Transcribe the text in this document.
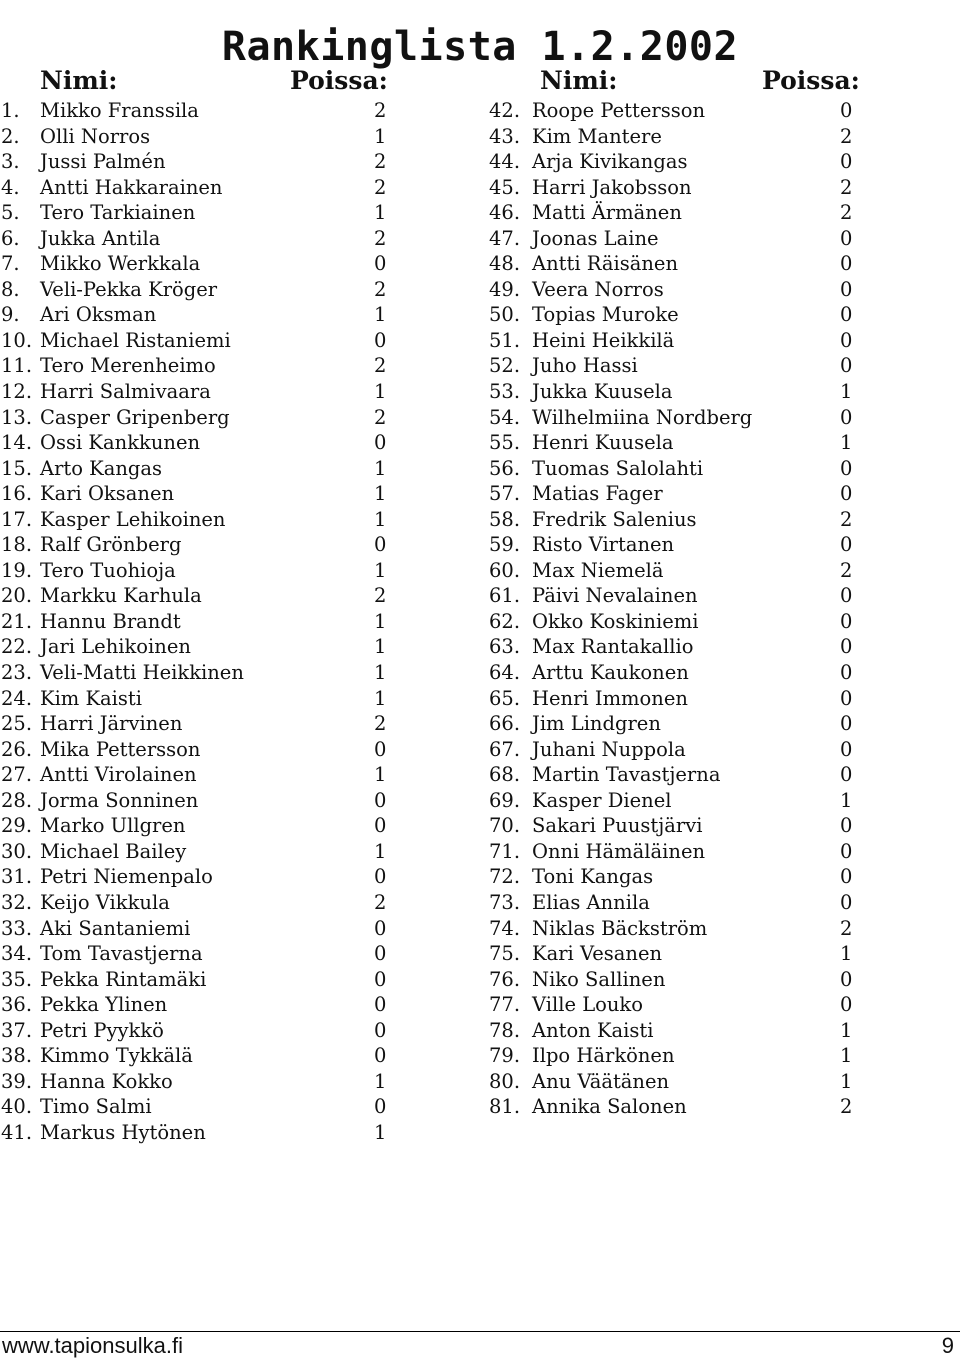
Rankinglista 1.2.2002
Nimi:	Poissa:
1. Mikko Franssila	2
2. Olli Norros	1
3. Jussi Palmén	2
4. Antti Hakkarainen	2
5. Tero Tarkiainen	1
6. Jukka Antila	2
7. Mikko Werkkala	0
8. Veli-Pekka Kröger	2
9. Ari Oksman	1
10. Michael Ristaniemi	0
11. Tero Merenheimo	2
12. Harri Salmivaara	1
13. Casper Gripenberg	2
14. Ossi Kankkunen	0
15. Arto Kangas	1
16. Kari Oksanen	1
17. Kasper Lehikoinen	1
18. Ralf Grönberg	0
19. Tero Tuohioja	1
20. Markku Karhula	2
21. Hannu Brandt	1
22. Jari Lehikoinen	1
23. Veli-Matti Heikkinen	1
24. Kim Kaisti	1
25. Harri Järvinen	2
26. Mika Pettersson	0
27. Antti Virolainen	1
28. Jorma Sonninen	0
29. Marko Ullgren	0
30. Michael Bailey	1
31. Petri Niemenpalo	0
32. Keijo Vikkula	2
33. Aki Santaniemi	0
34. Tom Tavastjerna	0
35. Pekka Rintamäki	0
36. Pekka Ylinen	0
37. Petri Pyykkö	0
38. Kimmo Tykkälä	0
39. Hanna Kokko	1
40. Timo Salmi	0
41. Markus Hytönen	1
Nimi:	Poissa:
42. Roope Pettersson	0
43. Kim Mantere	2
44. Arja Kivikangas	0
45. Harri Jakobsson	2
46. Matti Ärmänen	2
47. Joonas Laine	0
48. Antti Räisänen	0
49. Veera Norros	0
50. Topias Muroke	0
51. Heini Heikkilä	0
52. Juho Hassi	0
53. Jukka Kuusela	1
54. Wilhelmiina Nordberg	0
55. Henri Kuusela	1
56. Tuomas Salolahti	0
57. Matias Fager	0
58. Fredrik Salenius	2
59. Risto Virtanen	0
60. Max Niemelä	2
61. Päivi Nevalainen	0
62. Okko Koskiniemi	0
63. Max Rantakallio	0
64. Arttu Kaukonen	0
65. Henri Immonen	0
66. Jim Lindgren	0
67. Juhani Nuppola	0
68. Martin Tavastjerna	0
69. Kasper Dienel	1
70. Sakari Puustjärvi	0
71. Onni Hämäläinen	0
72. Toni Kangas	0
73. Elias Annila	0
74. Niklas Bäckström	2
75. Kari Vesanen	1
76. Niko Sallinen	0
77. Ville Louko	0
78. Anton Kaisti	1
79. Ilpo Härkönen	1
80. Anu Väätänen	1
81. Annika Salonen	2
www.tapionsulka.fi	9
